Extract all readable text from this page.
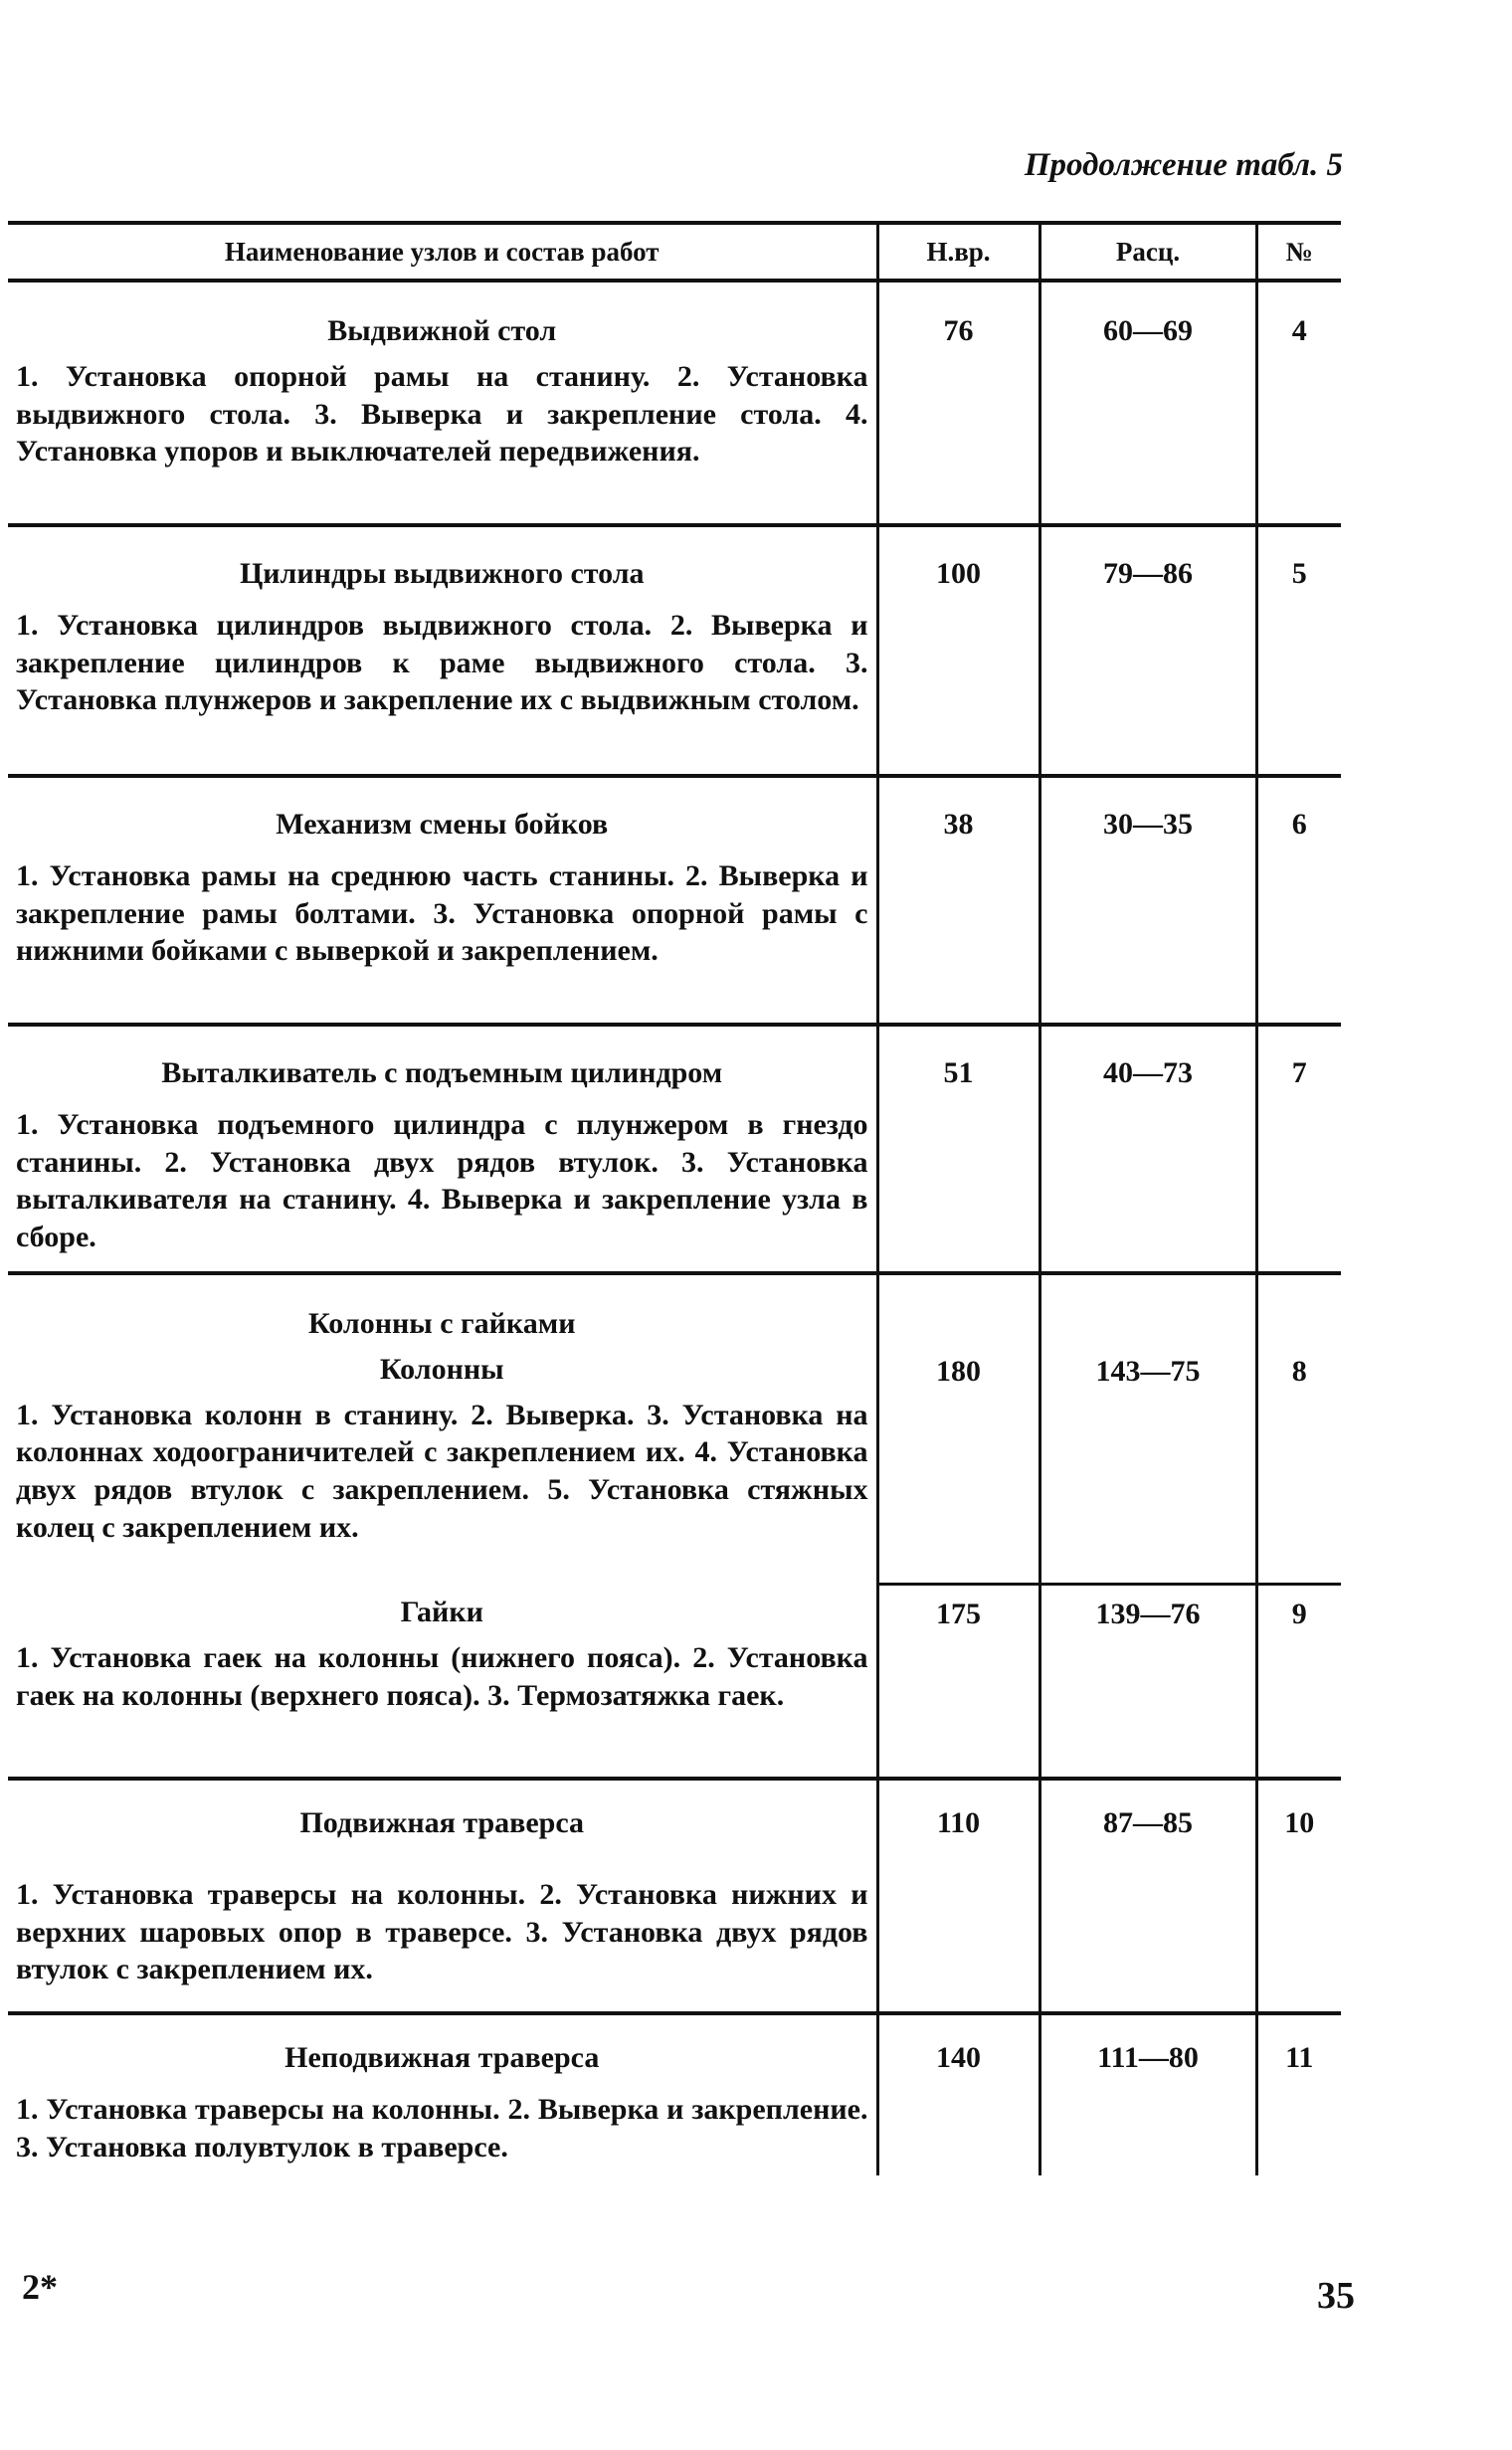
Продолжение табл. 5
Наименование узлов и состав работ	Н.вр.	Расц.	№

Выдвижной стол

1. Установка опорной рамы на станину. 2. Установка выдвижного стола. 3. Выверка и закрепление стола. 4. Установка упоров и выключателей передвижения.	76	60—69	4

Цилиндры выдвижного стола

1. Установка цилиндров выдвижного стола. 2. Выверка и закрепление цилиндров к раме выдвижного стола. 3. Установка плунжеров и закрепление их с выдвижным столом.	100	79—86	5

Механизм смены бойков

1. Установка рамы на среднюю часть станины. 2. Выверка и закрепление рамы болтами. 3. Установка опорной рамы с нижними бойками с выверкой и закреплением.	38	30—35	6

Выталкиватель с подъемным цилиндром

1. Установка подъемного цилиндра с плунжером в гнездо станины. 2. Установка двух рядов втулок. 3. Установка выталкивателя на станину. 4. Выверка и закрепление узла в сборе.	51	40—73	7

Колонны с гайками
Колонны

1. Установка колонн в станину. 2. Выверка. 3. Установка на колоннах ходоограничителей с закреплением их. 4. Установка двух рядов втулок с закреплением. 5. Установка стяжных колец с закреплением их.	180	143—75	8

Гайки

1. Установка гаек на колонны (нижнего пояса). 2. Установка гаек на колонны (верхнего пояса). 3. Термозатяжка гаек.	175	139—76	9

Подвижная траверса

1. Установка траверсы на колонны. 2. Установка нижних и верхних шаровых опор в траверсе. 3. Установка двух рядов втулок с закреплением их.	110	87—85	10

Неподвижная траверса

1. Установка траверсы на колонны. 2. Выверка и закрепление. 3. Установка полувтулок в траверсе.	140	111—80	11
2*	35
